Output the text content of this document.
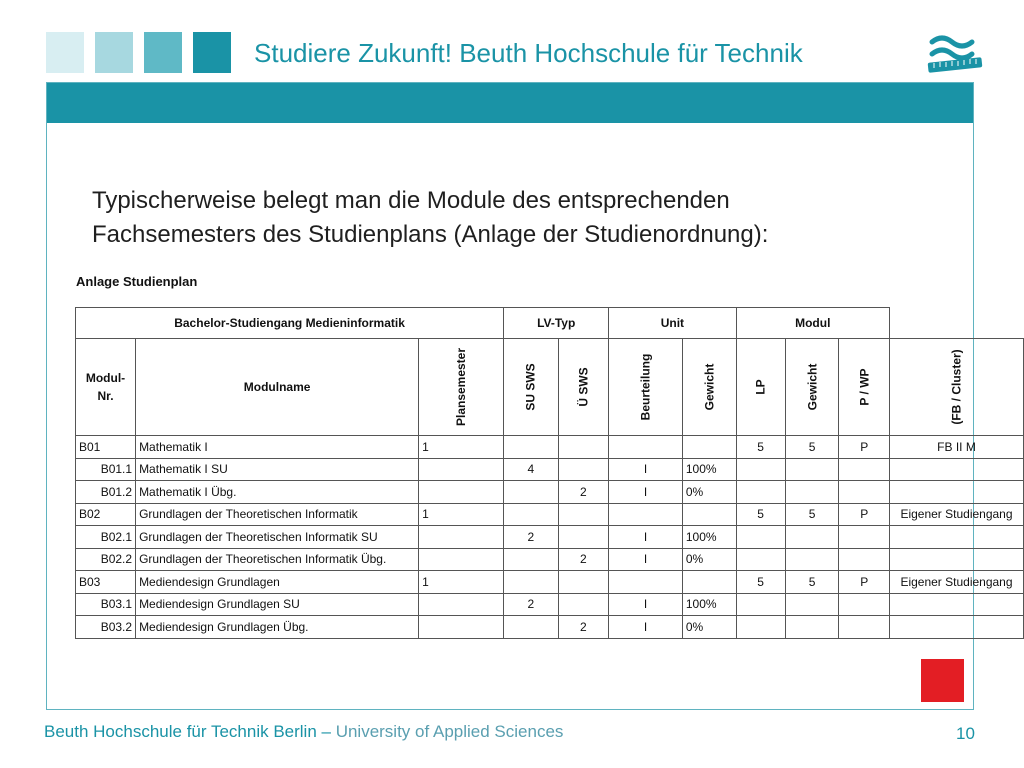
Studiere Zukunft! Beuth Hochschule für Technik
Typischerweise belegt man die Module des entsprechenden
Fachsemesters des Studienplans (Anlage der Studienordnung):
Anlage Studienplan
Bachelor-Studiengang Medieninformatik			LV-Typ		Unit		Modul			
Modul-
Nr.	Modulname	Plansemester	SU SWS	Ü SWS	Beurteilung	Gewicht	LP	Gewicht	P / WP	(FB / Cluster)
B01	Mathematik I	1					5	5	P	FB II M
B01.1	Mathematik I SU		4		I	100%				
B01.2	Mathematik I Übg.			2	I	0%				
B02	Grundlagen der Theoretischen Informatik	1					5	5	P	Eigener Studiengang
B02.1	Grundlagen der Theoretischen Informatik SU		2		I	100%				
B02.2	Grundlagen der Theoretischen Informatik Übg.			2	I	0%				
B03	Mediendesign Grundlagen	1					5	5	P	Eigener Studiengang
B03.1	Mediendesign Grundlagen SU		2		I	100%				
B03.2	Mediendesign Grundlagen Übg.			2	I	0%				
Beuth Hochschule für Technik Berlin – University of Applied Sciences	10
